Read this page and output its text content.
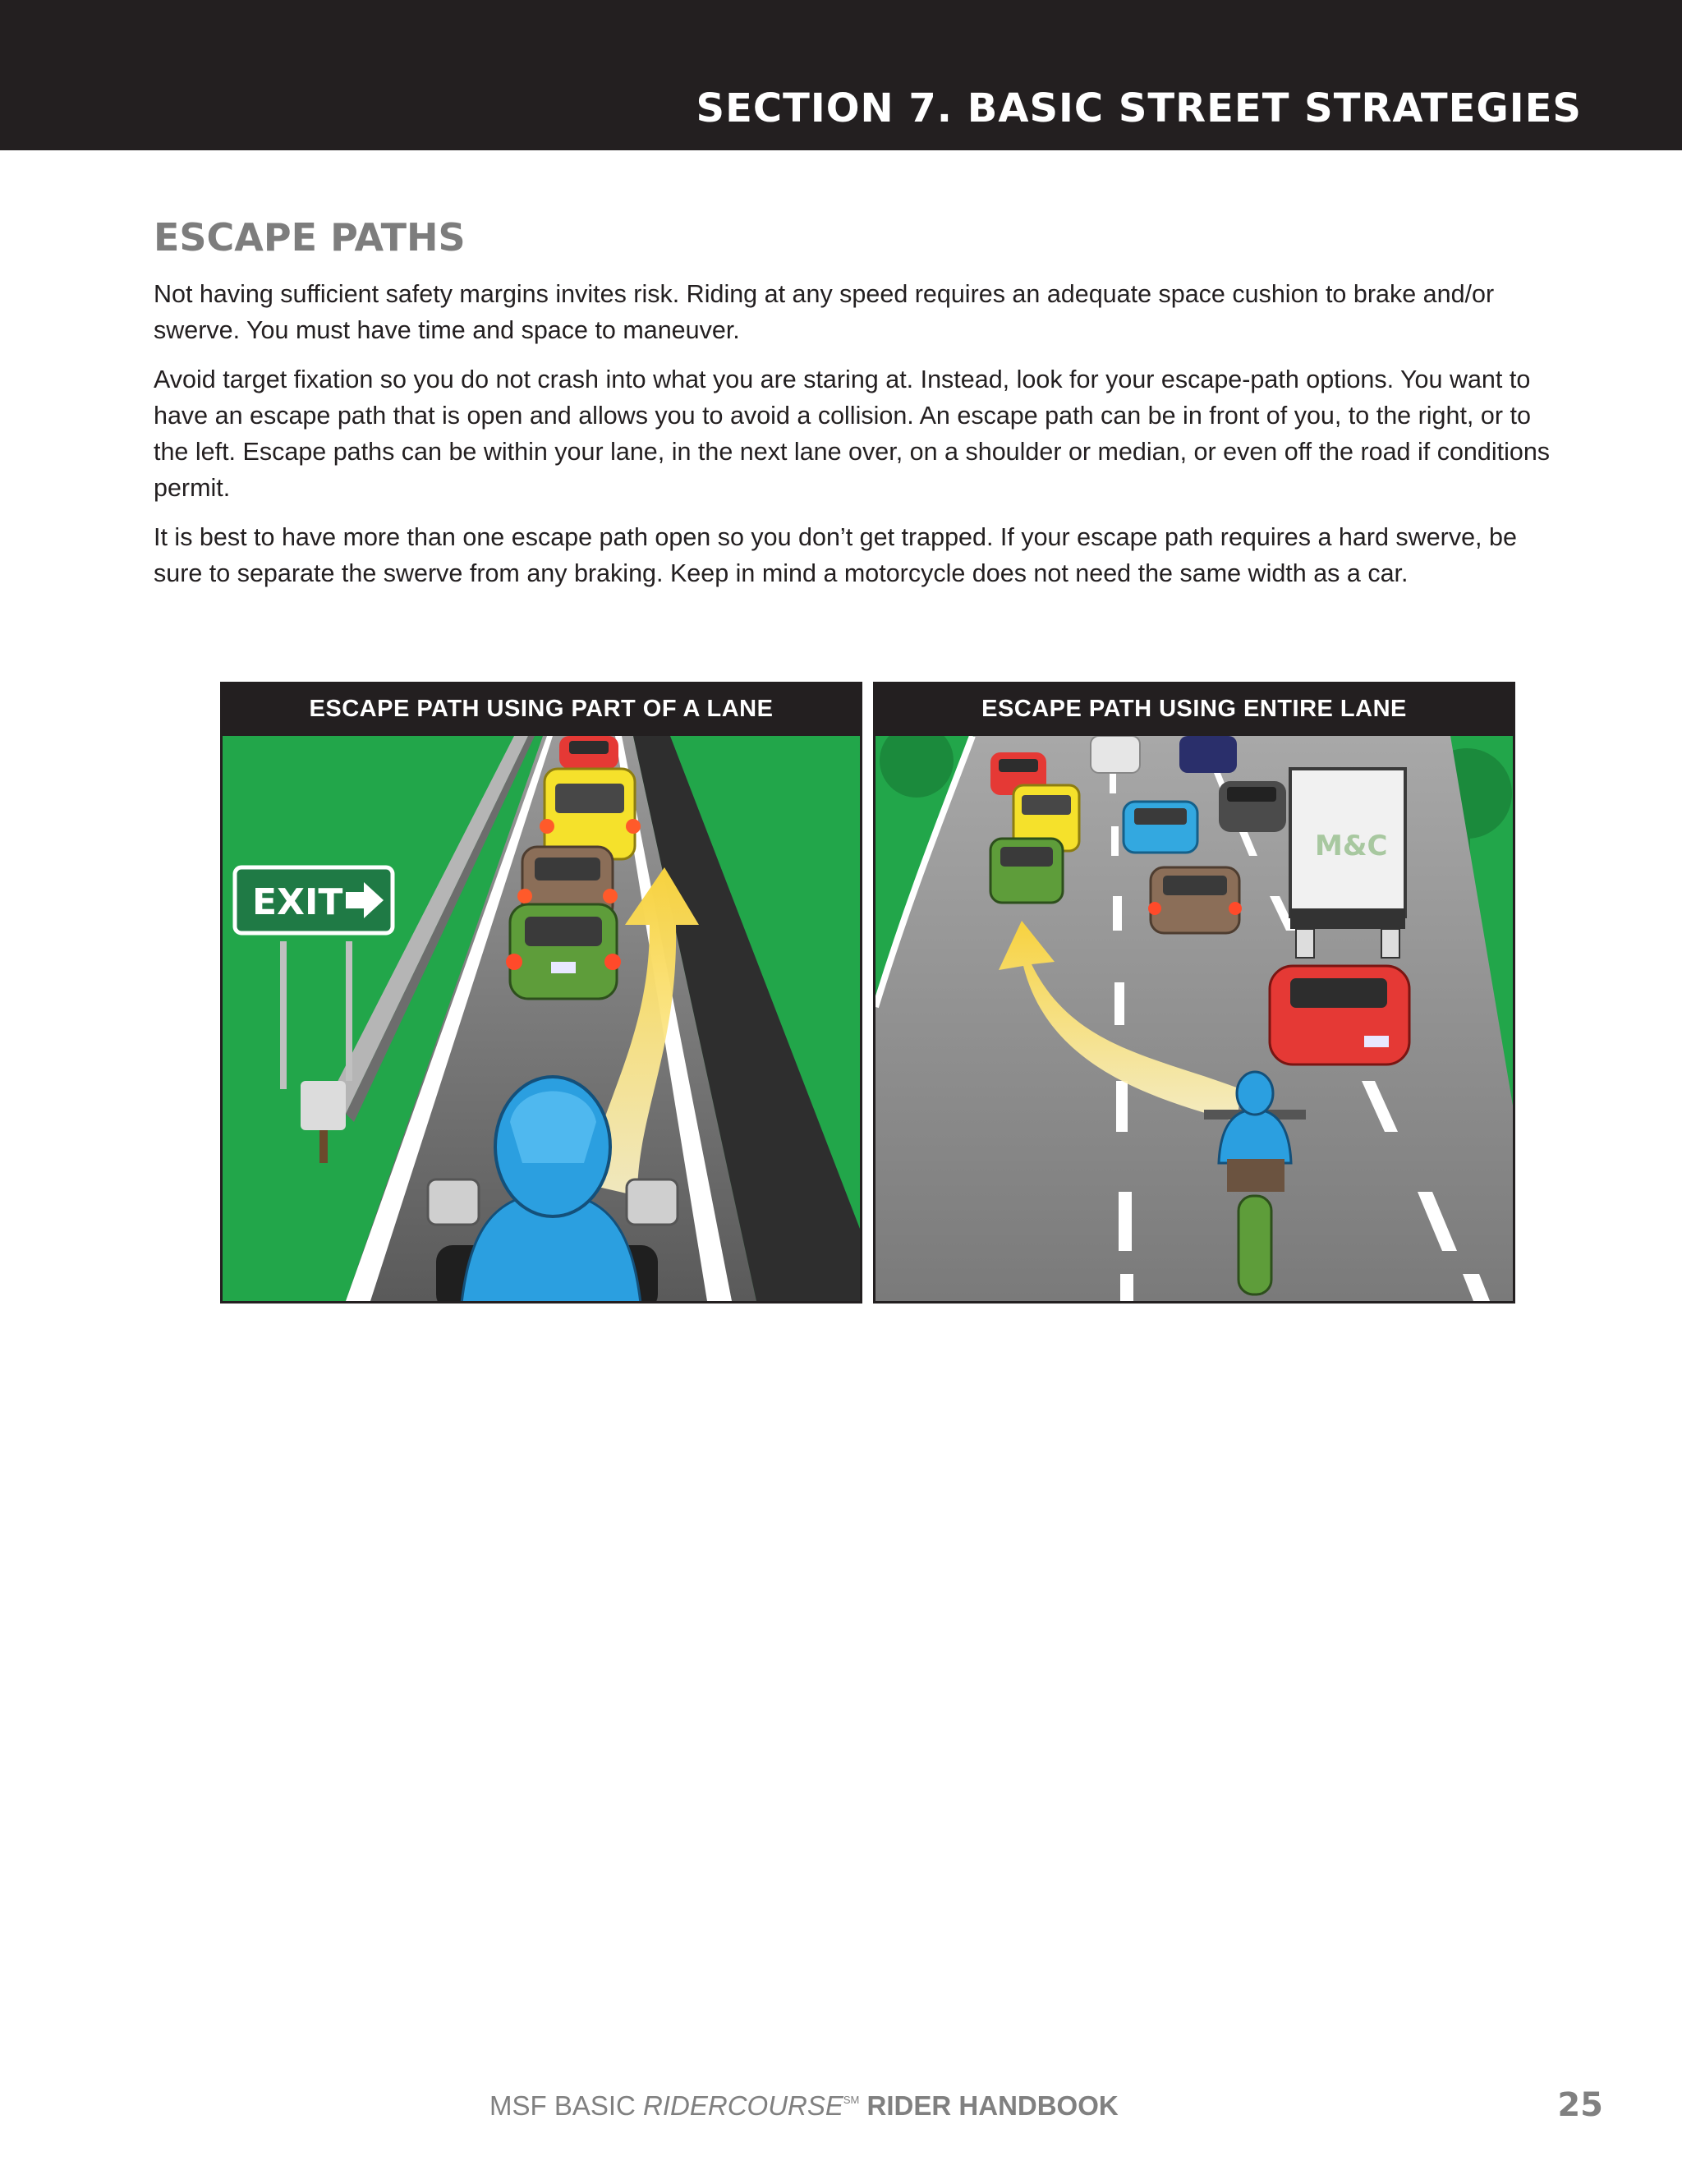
SECTION 7. BASIC STREET STRATEGIES
ESCAPE PATHS

Not having sufficient safety margins invites risk. Riding at any speed requires an adequate space cushion to brake and/or swerve. You must have time and space to maneuver.

Avoid target fixation so you do not crash into what you are staring at. Instead, look for your escape-path options. You want to have an escape path that is open and allows you to avoid a collision. An escape path can be in front of you, to the right, or to the left. Escape paths can be within your lane, in the next lane over, on a shoulder or median, or even off the road if conditions permit.

It is best to have more than one escape path open so you don’t get trapped. If your escape path requires a hard swerve, be sure to separate the swerve from any braking. Keep in mind a motorcycle does not need the same width as a car.

ESCAPE PATH USING PART OF A LANE
EXIT
ESCAPE PATH USING ENTIRE LANE
M&C
MSF BASIC RIDERCOURSE℠ RIDER HANDBOOK	25
